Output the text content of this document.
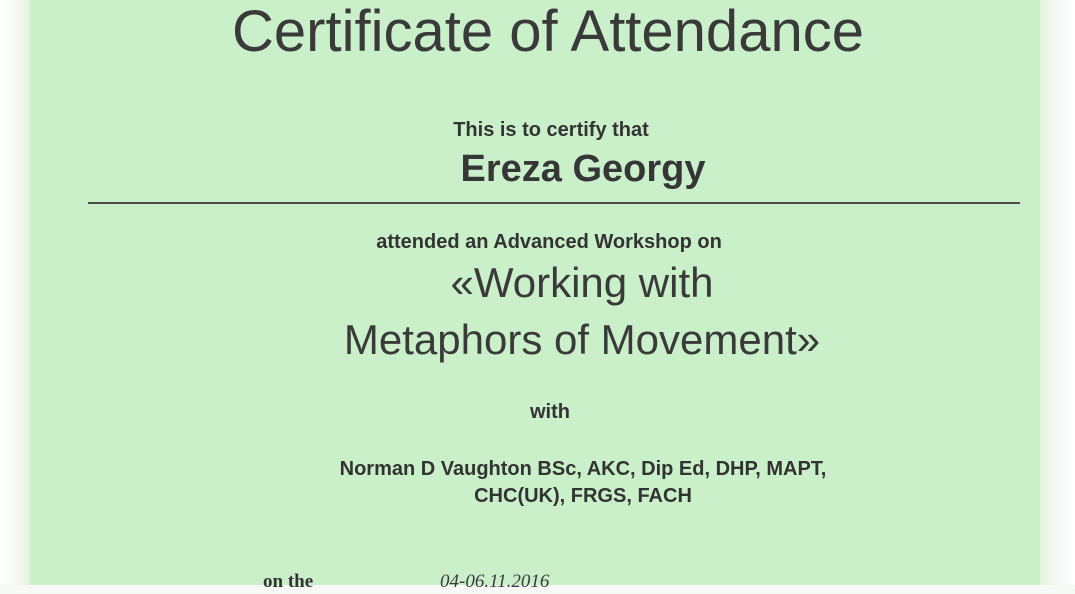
Certificate of Attendance

This is to certify that

Ereza Georgy

attended an Advanced Workshop on

«Working with

Metaphors of Movement»

with

Norman D Vaughton BSc, AKC, Dip Ed, DHP, MAPT,

CHC(UK), FRGS, FACH

on the	04-06.11.2016
